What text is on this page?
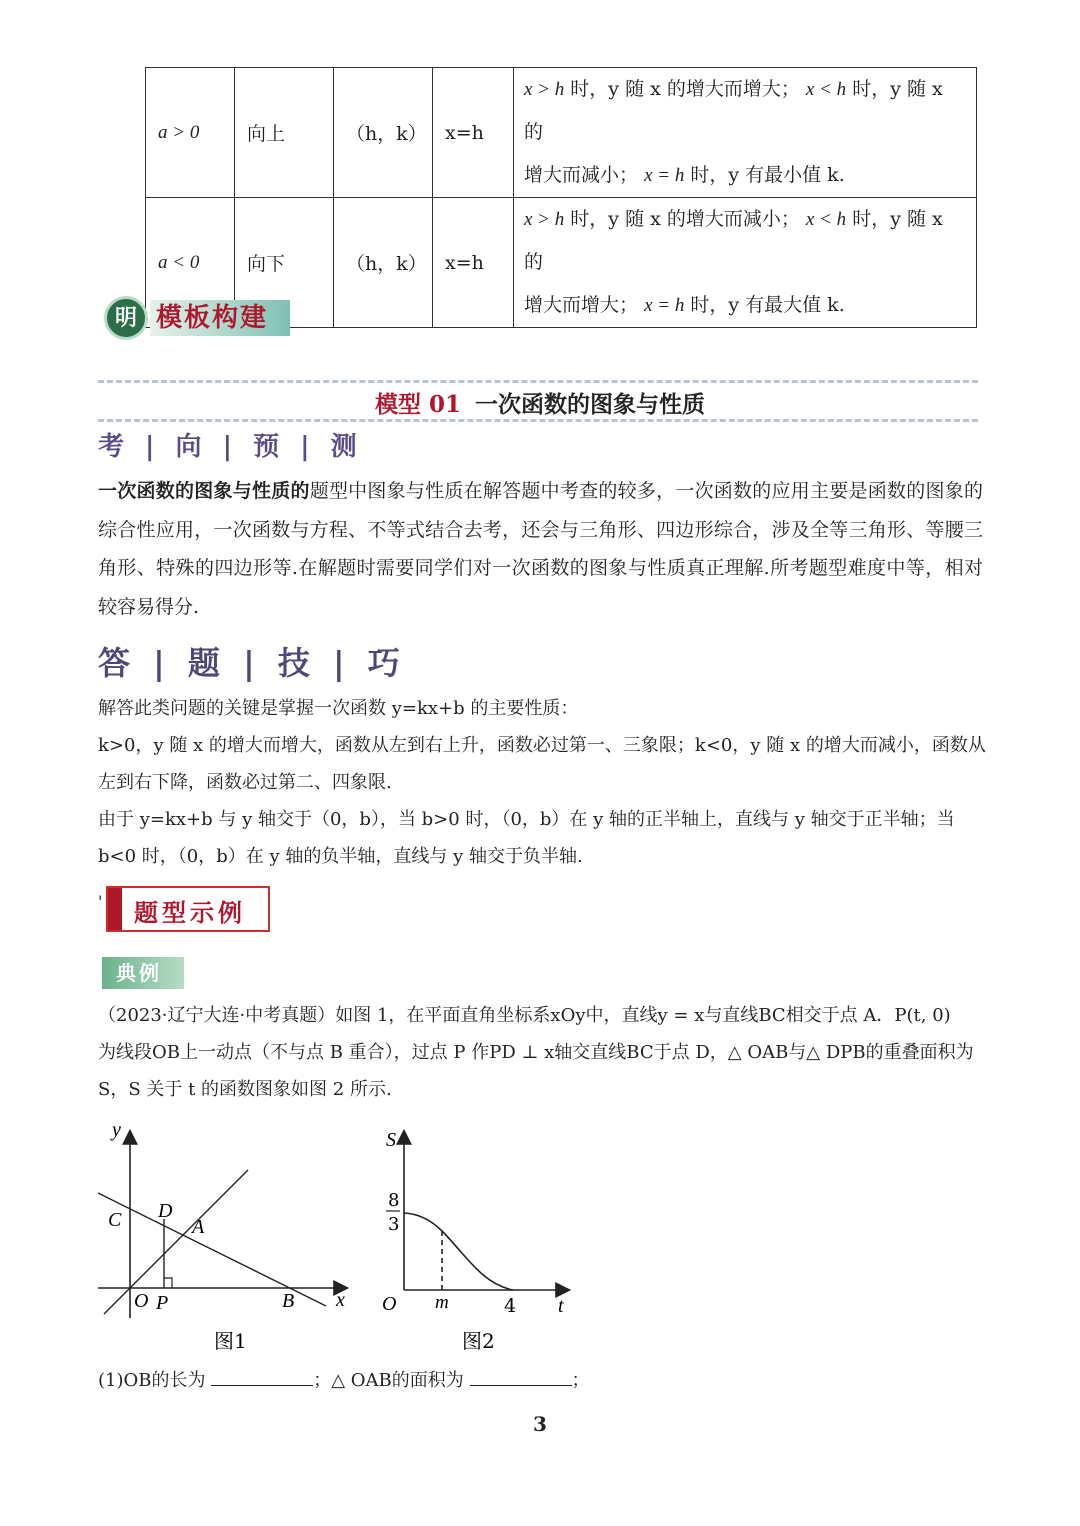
a > 0	向上	（h，k）	x=h	x > h 时，y 随 x 的增大而增大； x < h 时，y 随 x 的
增大而减小； x = h 时，y 有最小值 k.
a < 0	向下	（h，k）	x=h	x > h 时，y 随 x 的增大而减小； x < h 时，y 随 x 的
增大而增大； x = h 时，y 有最大值 k.
明 模板构建
模型 01 一次函数的图象与性质
考 | 向 | 预 | 测
一次函数的图象与性质的题型中图象与性质在解答题中考查的较多，一次函数的应用主要是函数的图象的综合性应用，一次函数与方程、不等式结合去考，还会与三角形、四边形综合，涉及全等三角形、等腰三角形、特殊的四边形等.在解题时需要同学们对一次函数的图象与性质真正理解.所考题型难度中等，相对较容易得分.
答 | 题 | 技 | 巧
解答此类问题的关键是掌握一次函数 y=kx+b 的主要性质：
k>0，y 随 x 的增大而增大，函数从左到右上升，函数必过第一、三象限；k<0，y 随 x 的增大而减小，函数从左到右下降，函数必过第二、四象限.
由于 y=kx+b 与 y 轴交于（0，b），当 b>0 时，（0，b）在 y 轴的正半轴上，直线与 y 轴交于正半轴；当 b<0 时，（0，b）在 y 轴的负半轴，直线与 y 轴交于负半轴.
' 题型示例
典例
（2023·辽宁大连·中考真题）如图 1，在平面直角坐标系xOy中，直线y = x与直线BC相交于点 A．P(t, 0)
为线段OB上一动点（不与点 B 重合），过点 P 作PD ⊥ x轴交直线BC于点 D，△ OAB与△ DPB的重叠面积为
S，S 关于 t 的函数图象如图 2 所示.
y
x
C D
A
O P	B
图1
S
8
3
O m	4 t
图2
(1)OB的长为	；△ OAB的面积为	；
3
